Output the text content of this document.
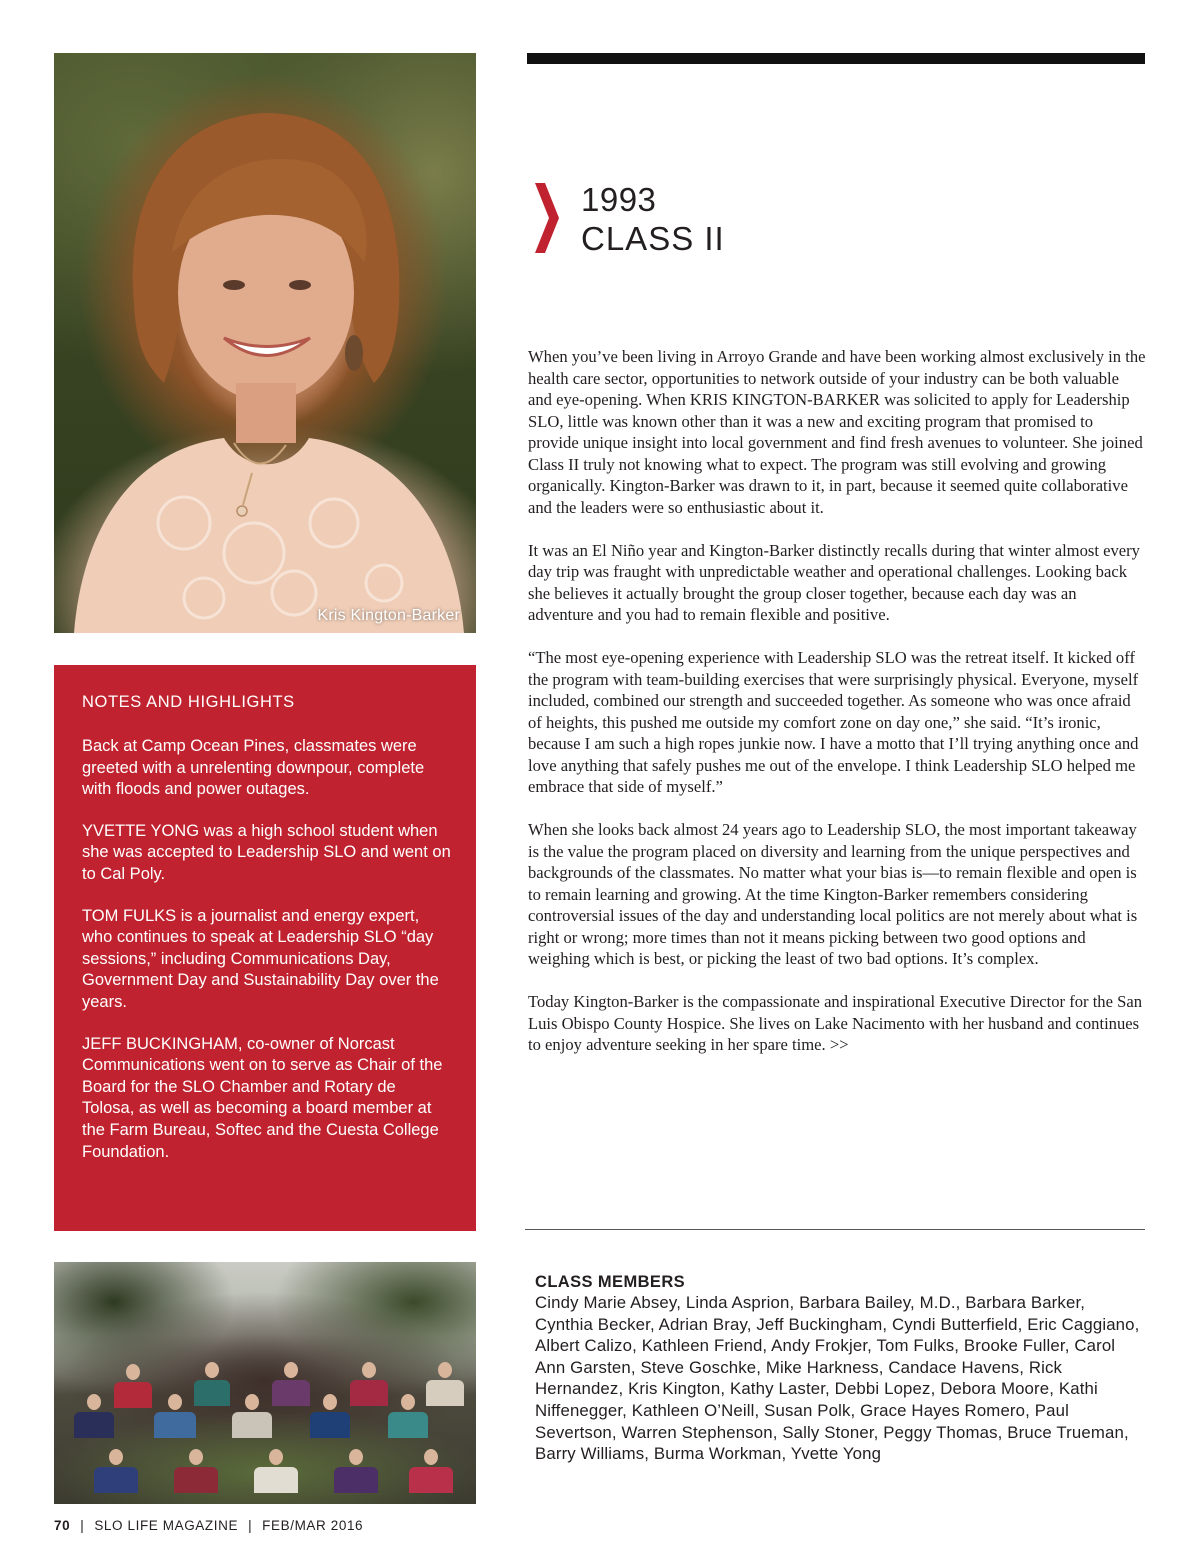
Kris Kington-Barker
NOTES AND HIGHLIGHTS

Back at Camp Ocean Pines, classmates were greeted with a unrelenting downpour, complete with floods and power outages.

YVETTE YONG was a high school student when she was accepted to Leadership SLO and went on to Cal Poly.

TOM FULKS is a journalist and energy expert, who continues to speak at Leadership SLO “day sessions,” including Communications Day, Government Day and Sustainability Day over the years.

JEFF BUCKINGHAM, co-owner of Norcast Communications went on to serve as Chair of the Board for the SLO Chamber and Rotary de Tolosa, as well as becoming a board member at the Farm Bureau, Softec and the Cuesta College Foundation.

1993
CLASS II

When you’ve been living in Arroyo Grande and have been working almost exclusively in the health care sector, opportunities to network outside of your industry can be both valuable and eye-opening. When KRIS KINGTON-BARKER was solicited to apply for Leadership SLO, little was known other than it was a new and exciting program that promised to provide unique insight into local government and find fresh avenues to volunteer. She joined Class II truly not knowing what to expect. The program was still evolving and growing organically. Kington-Barker was drawn to it, in part, because it seemed quite collaborative and the leaders were so enthusiastic about it.

It was an El Niño year and Kington-Barker distinctly recalls during that winter almost every day trip was fraught with unpredictable weather and operational challenges. Looking back she believes it actually brought the group closer together, because each day was an adventure and you had to remain flexible and positive.

“The most eye-opening experience with Leadership SLO was the retreat itself. It kicked off the program with team-building exercises that were surprisingly physical. Everyone, myself included, combined our strength and succeeded together. As someone who was once afraid of heights, this pushed me outside my comfort zone on day one,” she said. “It’s ironic, because I am such a high ropes junkie now. I have a motto that I’ll trying anything once and love anything that safely pushes me out of the envelope. I think Leadership SLO helped me embrace that side of myself.”

When she looks back almost 24 years ago to Leadership SLO, the most important takeaway is the value the program placed on diversity and learning from the unique perspectives and backgrounds of the classmates. No matter what your bias is—to remain flexible and open is to remain learning and growing. At the time Kington-Barker remembers considering controversial issues of the day and understanding local politics are not merely about what is right or wrong; more times than not it means picking between two good options and weighing which is best, or picking the least of two bad options. It’s complex.

Today Kington-Barker is the compassionate and inspirational Executive Director for the San Luis Obispo County Hospice. She lives on Lake Nacimento with her husband and continues to enjoy adventure seeking in her spare time. >>

CLASS MEMBERS
Cindy Marie Absey, Linda Asprion, Barbara Bailey, M.D., Barbara Barker, Cynthia Becker, Adrian Bray, Jeff Buckingham, Cyndi Butterfield, Eric Caggiano, Albert Calizo, Kathleen Friend, Andy Frokjer, Tom Fulks, Brooke Fuller, Carol Ann Garsten, Steve Goschke, Mike Harkness, Candace Havens, Rick Hernandez, Kris Kington, Kathy Laster, Debbi Lopez, Debora Moore, Kathi Niffenegger, Kathleen O’Neill, Susan Polk, Grace Hayes Romero, Paul Severtson, Warren Stephenson, Sally Stoner, Peggy Thomas, Bruce Trueman, Barry Williams, Burma Workman, Yvette Yong
70 | SLO LIFE MAGAZINE | FEB/MAR 2016
